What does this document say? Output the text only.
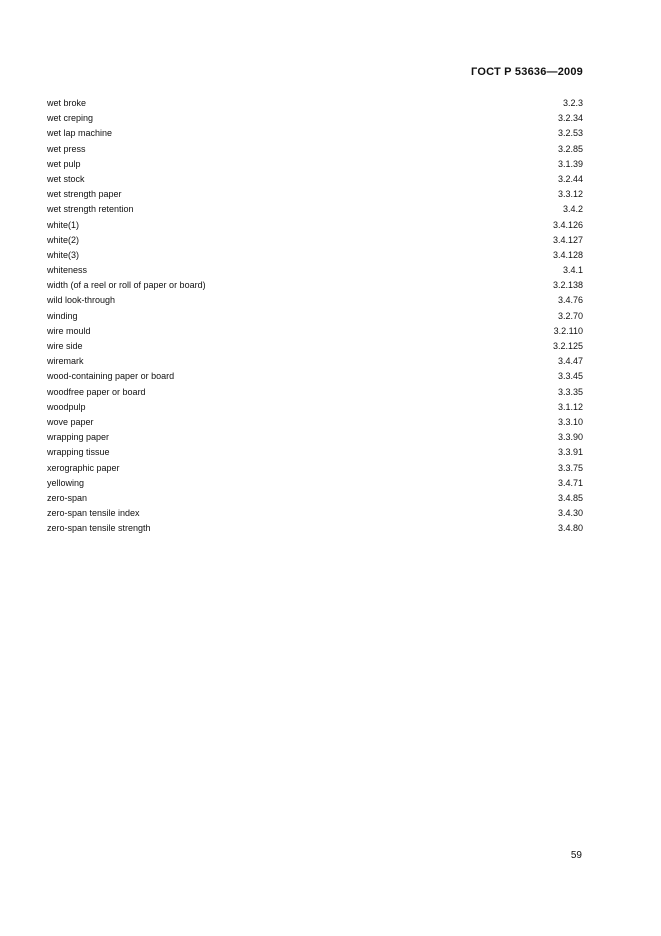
ГОСТ Р 53636—2009
wet broke	3.2.3
wet creping	3.2.34
wet lap machine	3.2.53
wet press	3.2.85
wet pulp	3.1.39
wet stock	3.2.44
wet strength paper	3.3.12
wet strength retention	3.4.2
white(1)	3.4.126
white(2)	3.4.127
white(3)	3.4.128
whiteness	3.4.1
width (of a reel or roll of paper or board)	3.2.138
wild look-through	3.4.76
winding	3.2.70
wire mould	3.2.110
wire side	3.2.125
wiremark	3.4.47
wood-containing paper or board	3.3.45
woodfree paper or board	3.3.35
woodpulp	3.1.12
wove paper	3.3.10
wrapping paper	3.3.90
wrapping tissue	3.3.91
xerographic paper	3.3.75
yellowing	3.4.71
zero-span	3.4.85
zero-span tensile index	3.4.30
zero-span tensile strength	3.4.80
59
